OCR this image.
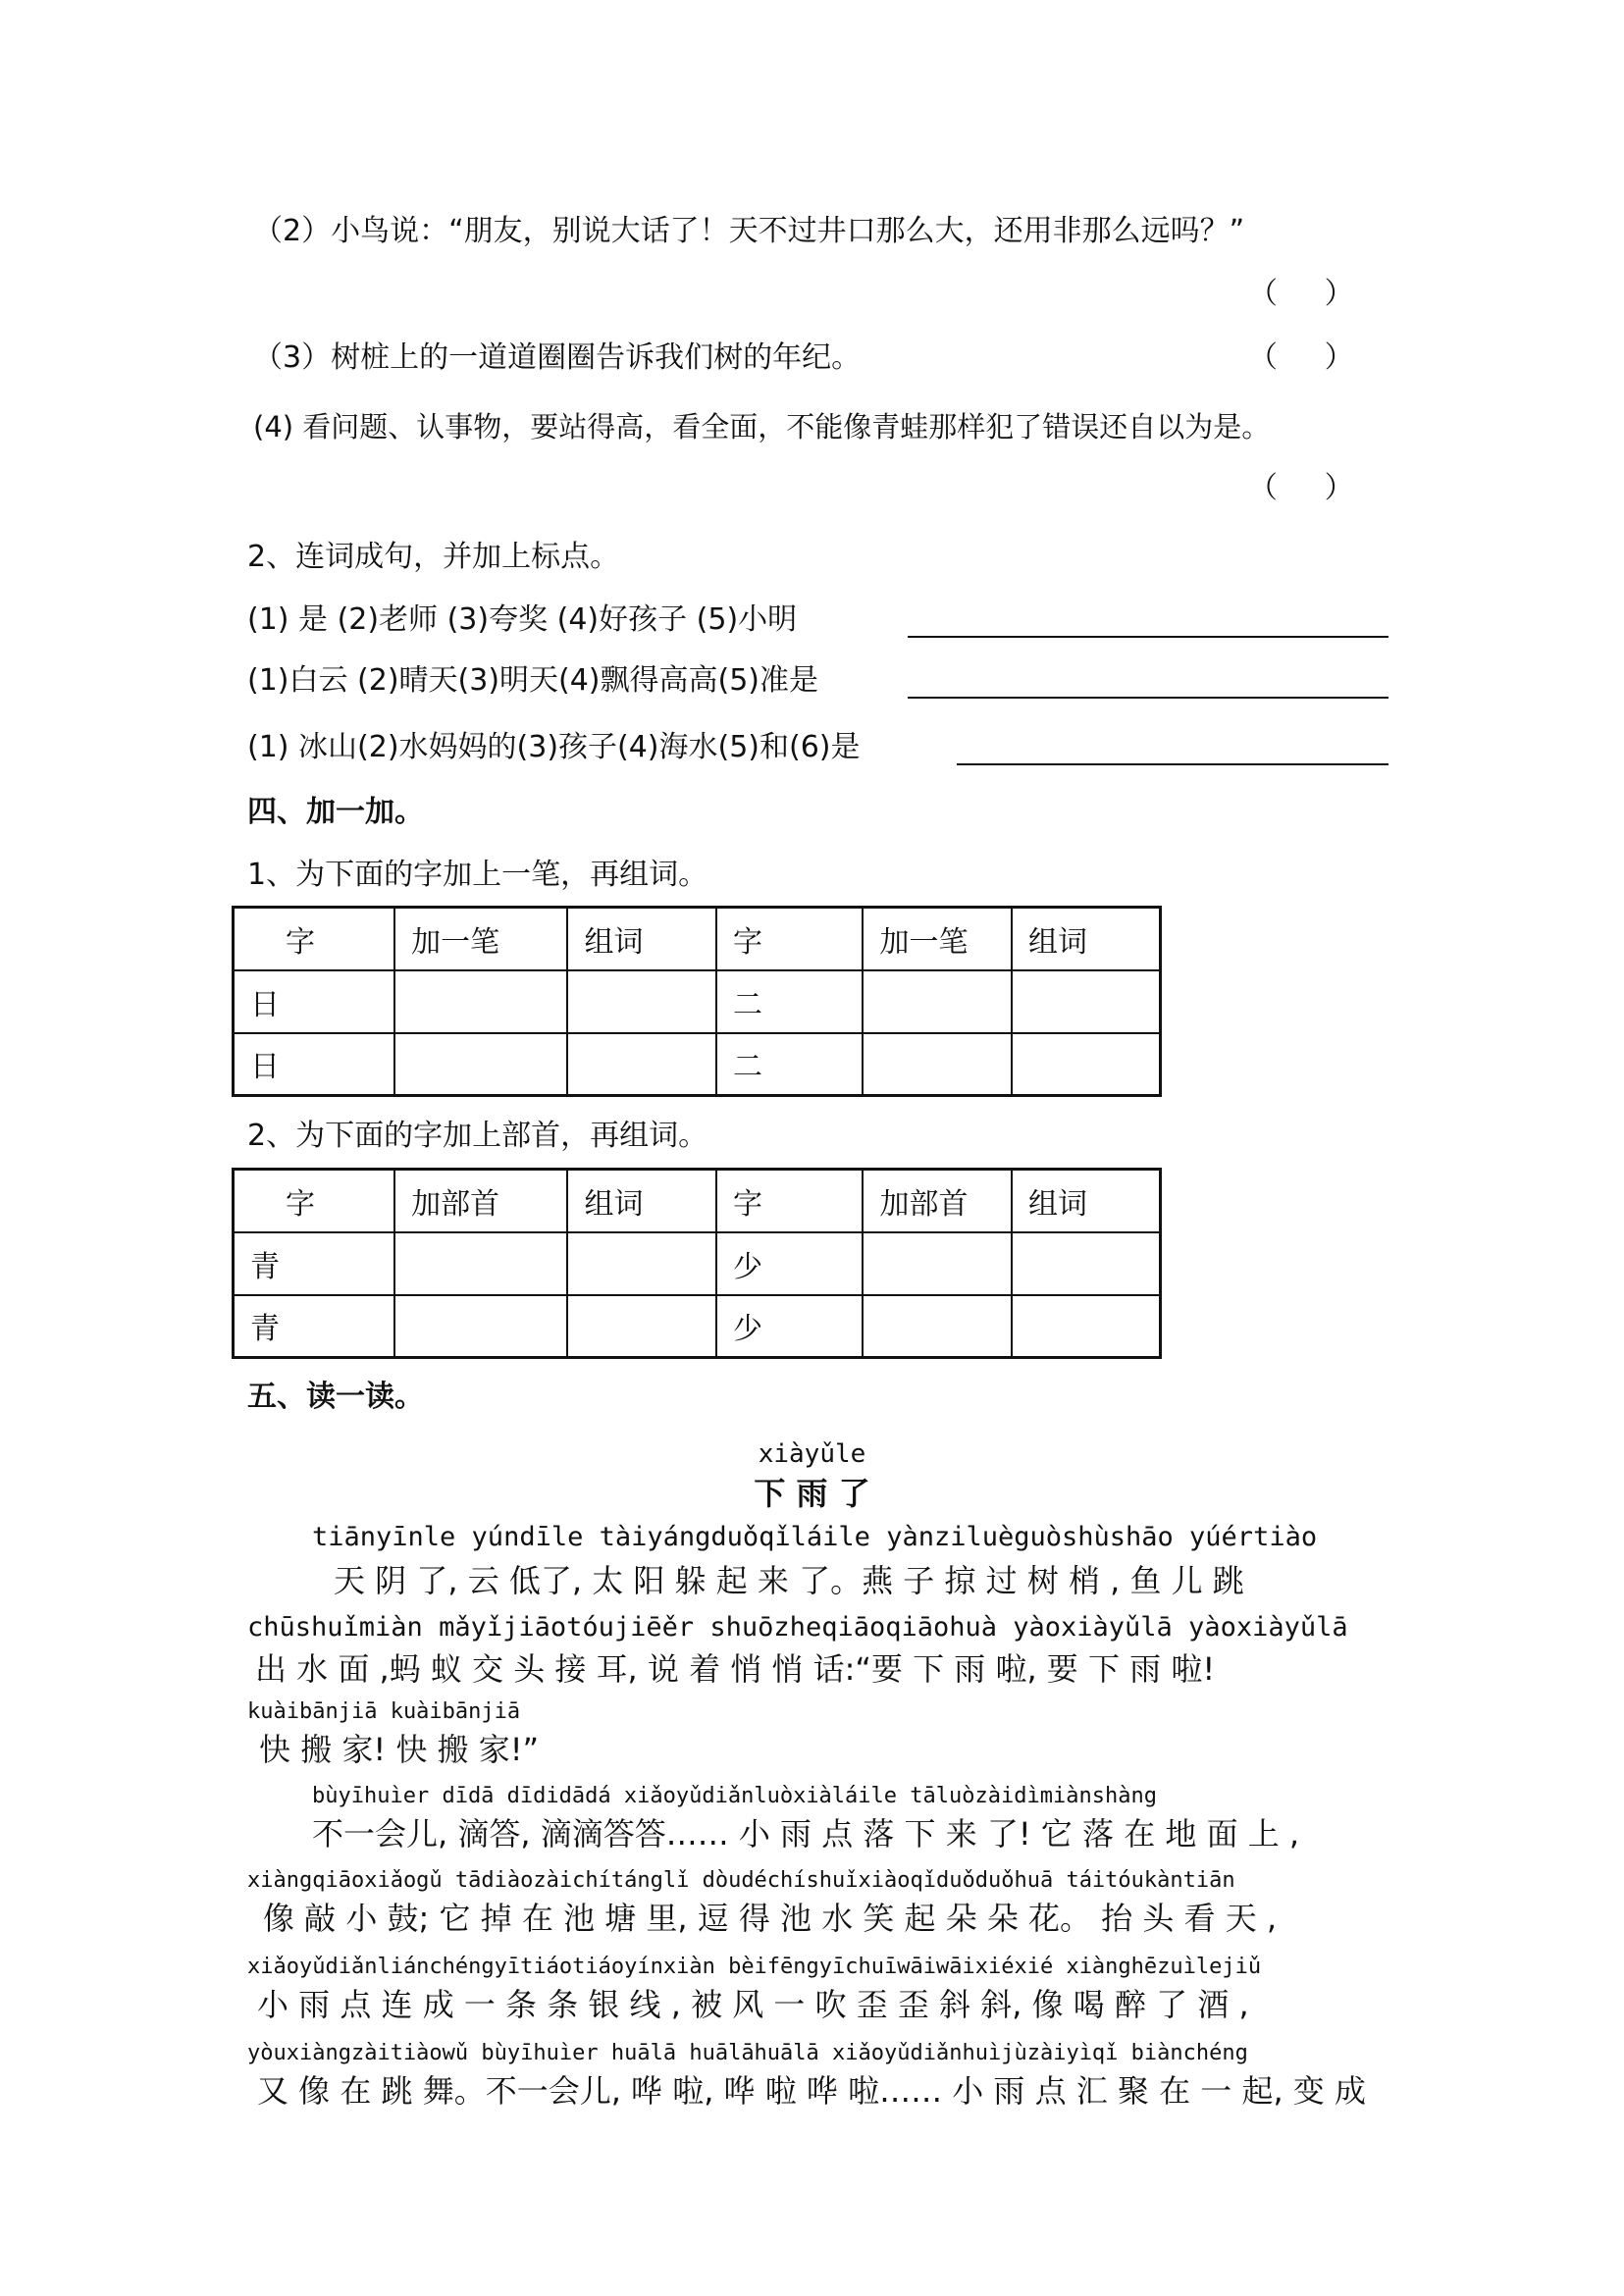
（2）小鸟说：“朋友，别说大话了！天不过井口那么大，还用非那么远吗？”
（     ）
（3）树桩上的一道道圈圈告诉我们树的年纪。	（     ）
(4) 看问题、认事物，要站得高，看全面，不能像青蛙那样犯了错误还自以为是。
（     ）
2、连词成句，并加上标点。
(1) 是 (2)老师 (3)夸奖 (4)好孩子 (5)小明
(1)白云 (2)晴天(3)明天(4)飘得高高(5)准是
(1) 冰山(2)水妈妈的(3)孩子(4)海水(5)和(6)是
四、加一加。
1、为下面的字加上一笔，再组词。
字	加一笔	组词	字	加一笔	组词
日			二		
日			二		
2、为下面的字加上部首，再组词。
字	加部首	组词	字	加部首	组词
青			少		
青			少		
五、读一读。
xiàyǔle
下 雨 了
tiānyīnle yúndīle tàiyángduǒqǐláile yànziluèguòshùshāo yúértiào
天 阴 了, 云 低了, 太 阳 躲 起 来 了。燕 子 掠 过 树 梢 , 鱼 儿 跳
chūshuǐmiàn mǎyǐjiāotóujiēěr shuōzheqiāoqiāohuà yàoxiàyǔlā yàoxiàyǔlā
出 水 面 ,蚂 蚁 交 头 接 耳, 说 着 悄 悄 话:“要 下 雨 啦, 要 下 雨 啦!
kuàibānjiā kuàibānjiā
快 搬 家! 快 搬 家!”
bùyīhuìer dīdā dīdidādá xiǎoyǔdiǎnluòxiàláile tāluòzàidìmiànshàng
不一会儿, 滴答, 滴滴答答…… 小 雨 点 落 下 来 了! 它 落 在 地 面 上 ,
xiàngqiāoxiǎogǔ tādiàozàichítánglǐ dòudéchíshuǐxiàoqǐduǒduǒhuā táitóukàntiān
像 敲 小 鼓; 它 掉 在 池 塘 里, 逗 得 池 水 笑 起 朵 朵 花。 抬 头 看 天 ,
xiǎoyǔdiǎnliánchéngyītiáotiáoyínxiàn bèifēngyīchuīwāiwāixiéxié xiànghēzuìlejiǔ
小 雨 点 连 成 一 条 条 银 线 , 被 风 一 吹 歪 歪 斜 斜, 像 喝 醉 了 酒 ,
yòuxiàngzàitiàowǔ bùyīhuìer huālā huālāhuālā xiǎoyǔdiǎnhuìjùzàiyìqǐ biànchéng
又 像 在 跳 舞。不一会儿, 哗 啦, 哗 啦 哗 啦…… 小 雨 点 汇 聚 在 一 起, 变 成
